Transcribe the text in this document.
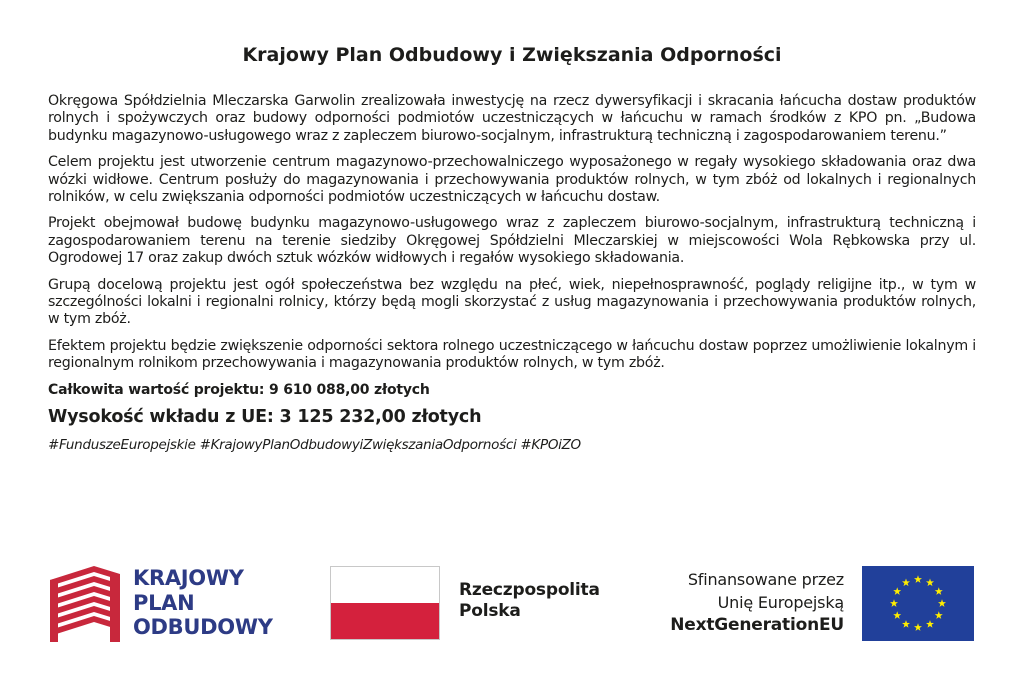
Krajowy Plan Odbudowy i Zwiększania Odporności

Okręgowa Spółdzielnia Mleczarska Garwolin zrealizowała inwestycję na rzecz dywersyfikacji i skracania łańcucha dostaw produktów rolnych i spożywczych oraz budowy odporności podmiotów uczestniczących w łańcuchu w ramach środków z KPO pn. „Budowa budynku magazynowo-usługowego wraz z zapleczem biurowo-socjalnym, infrastrukturą techniczną i zagospodarowaniem terenu.”

Celem projektu jest utworzenie centrum magazynowo-przechowalniczego wyposażonego w regały wysokiego składowania oraz dwa wózki widłowe. Centrum posłuży do magazynowania i przechowywania produktów rolnych, w tym zbóż od lokalnych i regionalnych rolników, w celu zwiększania odporności podmiotów uczestniczących w łańcuchu dostaw.

Projekt obejmował budowę budynku magazynowo-usługowego wraz z zapleczem biurowo-socjalnym, infrastrukturą techniczną i zagospodarowaniem terenu na terenie siedziby Okręgowej Spółdzielni Mleczarskiej w miejscowości Wola Rębkowska przy ul. Ogrodowej 17 oraz zakup dwóch sztuk wózków widłowych i regałów wysokiego składowania.

Grupą docelową projektu jest ogół społeczeństwa bez względu na płeć, wiek, niepełnosprawność, poglądy religijne itp., w tym w szczególności lokalni i regionalni rolnicy, którzy będą mogli skorzystać z usług magazynowania i przechowywania produktów rolnych, w tym zbóż.

Efektem projektu będzie zwiększenie odporności sektora rolnego uczestniczącego w łańcuchu dostaw poprzez umożliwienie lokalnym i regionalnym rolnikom przechowywania i magazynowania produktów rolnych, w tym zbóż.

Całkowita wartość projektu: 9 610 088,00 złotych

Wysokość wkładu z UE: 3 125 232,00 złotych

#FunduszeEuropejskie #KrajowyPlanOdbudowyiZwiększaniaOdporności #KPOiZO

KRAJOWY
PLAN
ODBUDOWY
Rzeczpospolita
Polska
Sfinansowane przez
Unię Europejską
NextGenerationEU
